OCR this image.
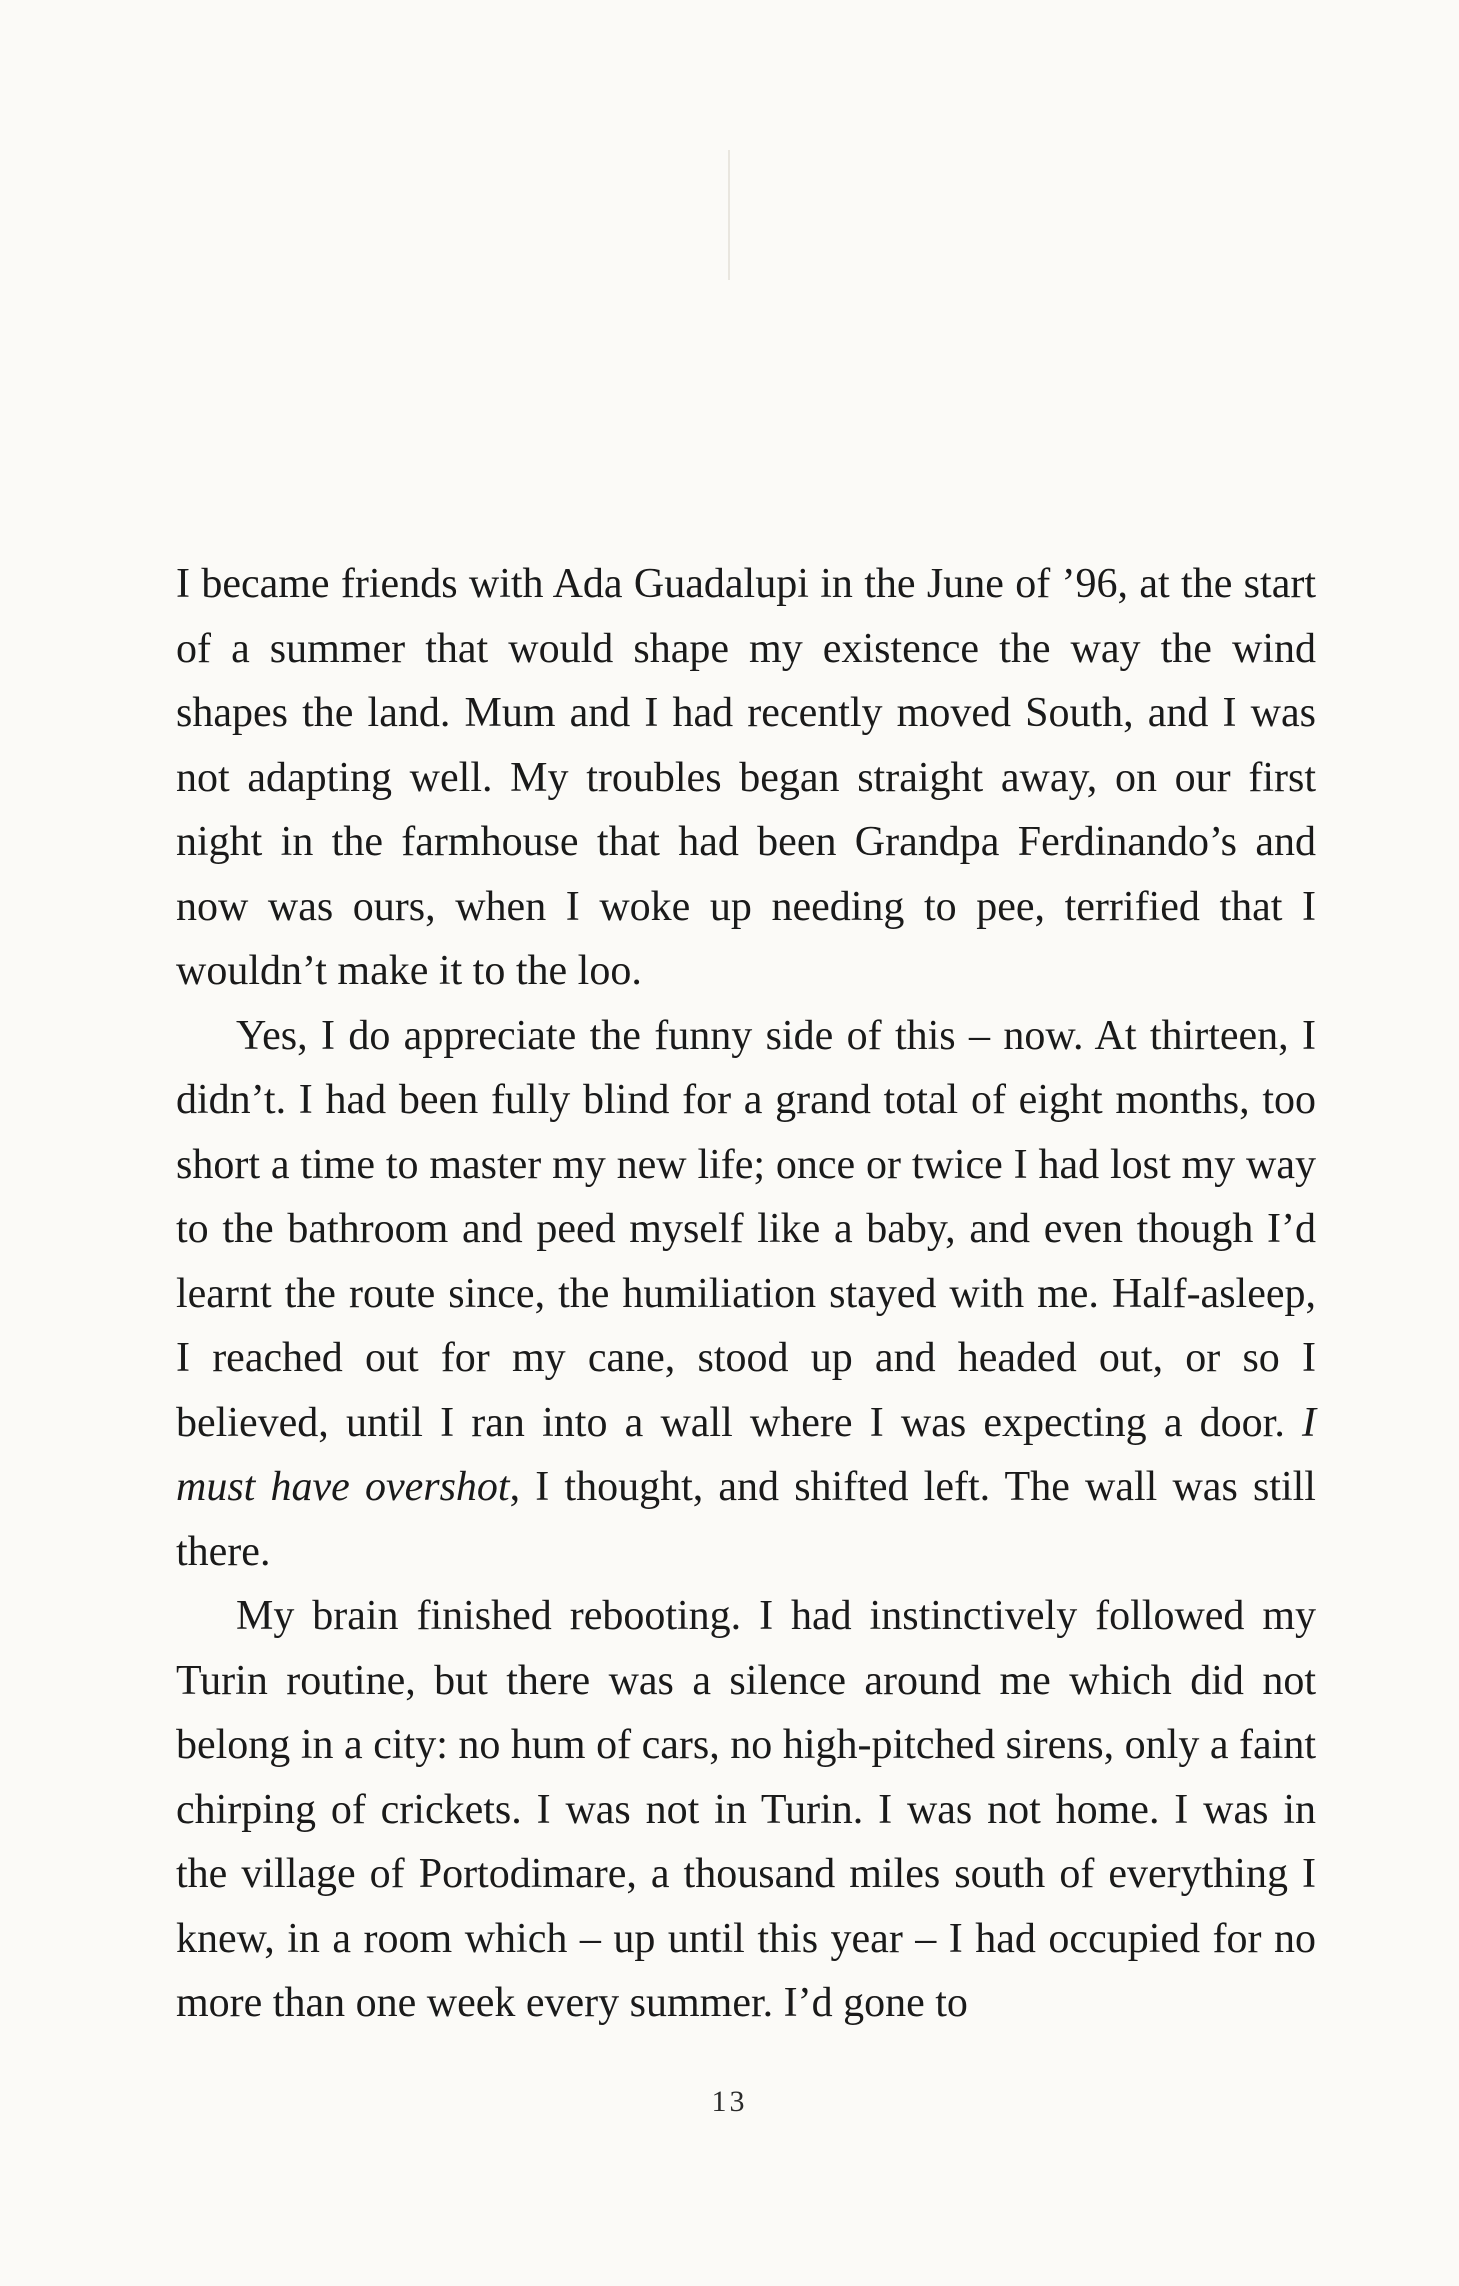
I became friends with Ada Guadalupi in the June of ’96, at the start of a summer that would shape my existence the way the wind shapes the land. Mum and I had recently moved South, and I was not adapting well. My troubles began straight away, on our first night in the farmhouse that had been Grandpa Ferdinando’s and now was ours, when I woke up needing to pee, terrified that I wouldn’t make it to the loo.

Yes, I do appreciate the funny side of this – now. At thirteen, I didn’t. I had been fully blind for a grand total of eight months, too short a time to master my new life; once or twice I had lost my way to the bathroom and peed myself like a baby, and even though I’d learnt the route since, the humiliation stayed with me. Half-asleep, I reached out for my cane, stood up and headed out, or so I believed, until I ran into a wall where I was expecting a door. I must have overshot, I thought, and shifted left. The wall was still there.

My brain finished rebooting. I had instinctively followed my Turin routine, but there was a silence around me which did not belong in a city: no hum of cars, no high-pitched sirens, only a faint chirping of crickets. I was not in Turin. I was not home. I was in the village of Portodimare, a thousand miles south of everything I knew, in a room which – up until this year – I had occupied for no more than one week every summer. I’d gone to

13
